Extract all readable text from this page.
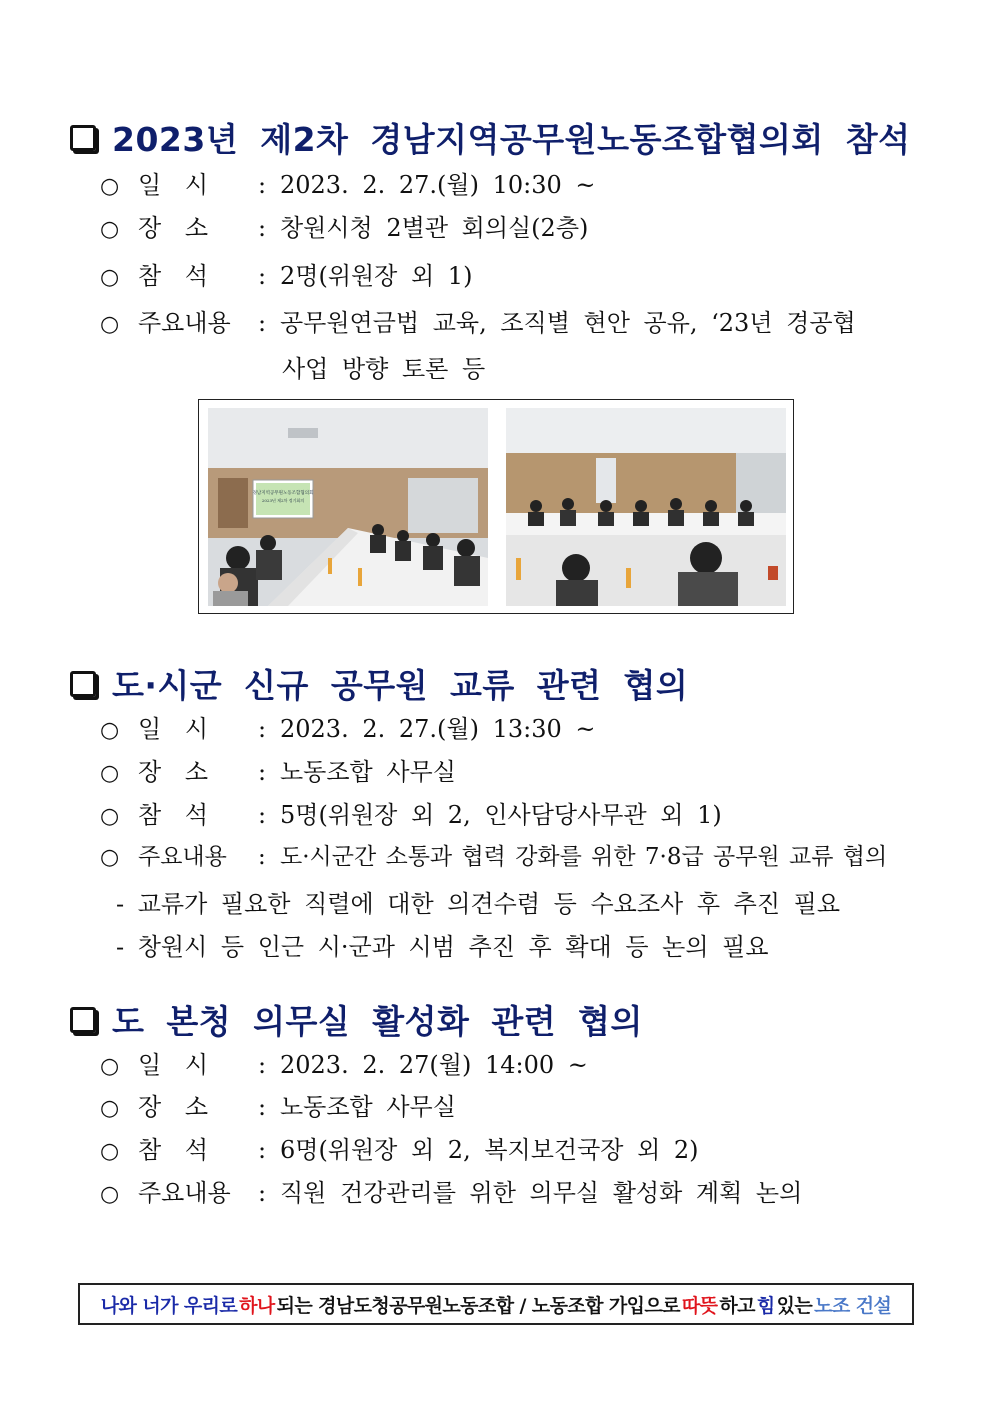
2023년 제2차 경남지역공무원노동조합협의회 참석
○ 일 시 : 2023. 2. 27.(월) 10:30 ~
○ 장 소 : 창원시청 2별관 회의실(2층)
○ 참 석 : 2명(위원장 외 1)
○ 주요내용 : 공무원연금법 교육, 조직별 현안 공유, ‘23년 경공협
사업 방향 토론 등
경남지역공무원노동조합협의회
2023년 제2차 정기회의
도·시군 신규 공무원 교류 관련 협의
○ 일 시 : 2023. 2. 27.(월) 13:30 ~
○ 장 소 : 노동조합 사무실
○ 참 석 : 5명(위원장 외 2, 인사담당사무관 외 1)
○ 주요내용 : 도·시군간 소통과 협력 강화를 위한 7·8급 공무원 교류 협의
- 교류가 필요한 직렬에 대한 의견수렴 등 수요조사 후 추진 필요
- 창원시 등 인근 시·군과 시범 추진 후 확대 등 논의 필요
도 본청 의무실 활성화 관련 협의
○ 일 시 : 2023. 2. 27(월) 14:00 ~
○ 장 소 : 노동조합 사무실
○ 참 석 : 6명(위원장 외 2, 복지보건국장 외 2)
○ 주요내용 : 직원 건강관리를 위한 의무실 활성화 계획 논의
나와 너가 우리로 하나 되는 경남도청공무원노동조합 / 노동조합 가입으로 따뜻 하고 힘 있는 노조 건설
